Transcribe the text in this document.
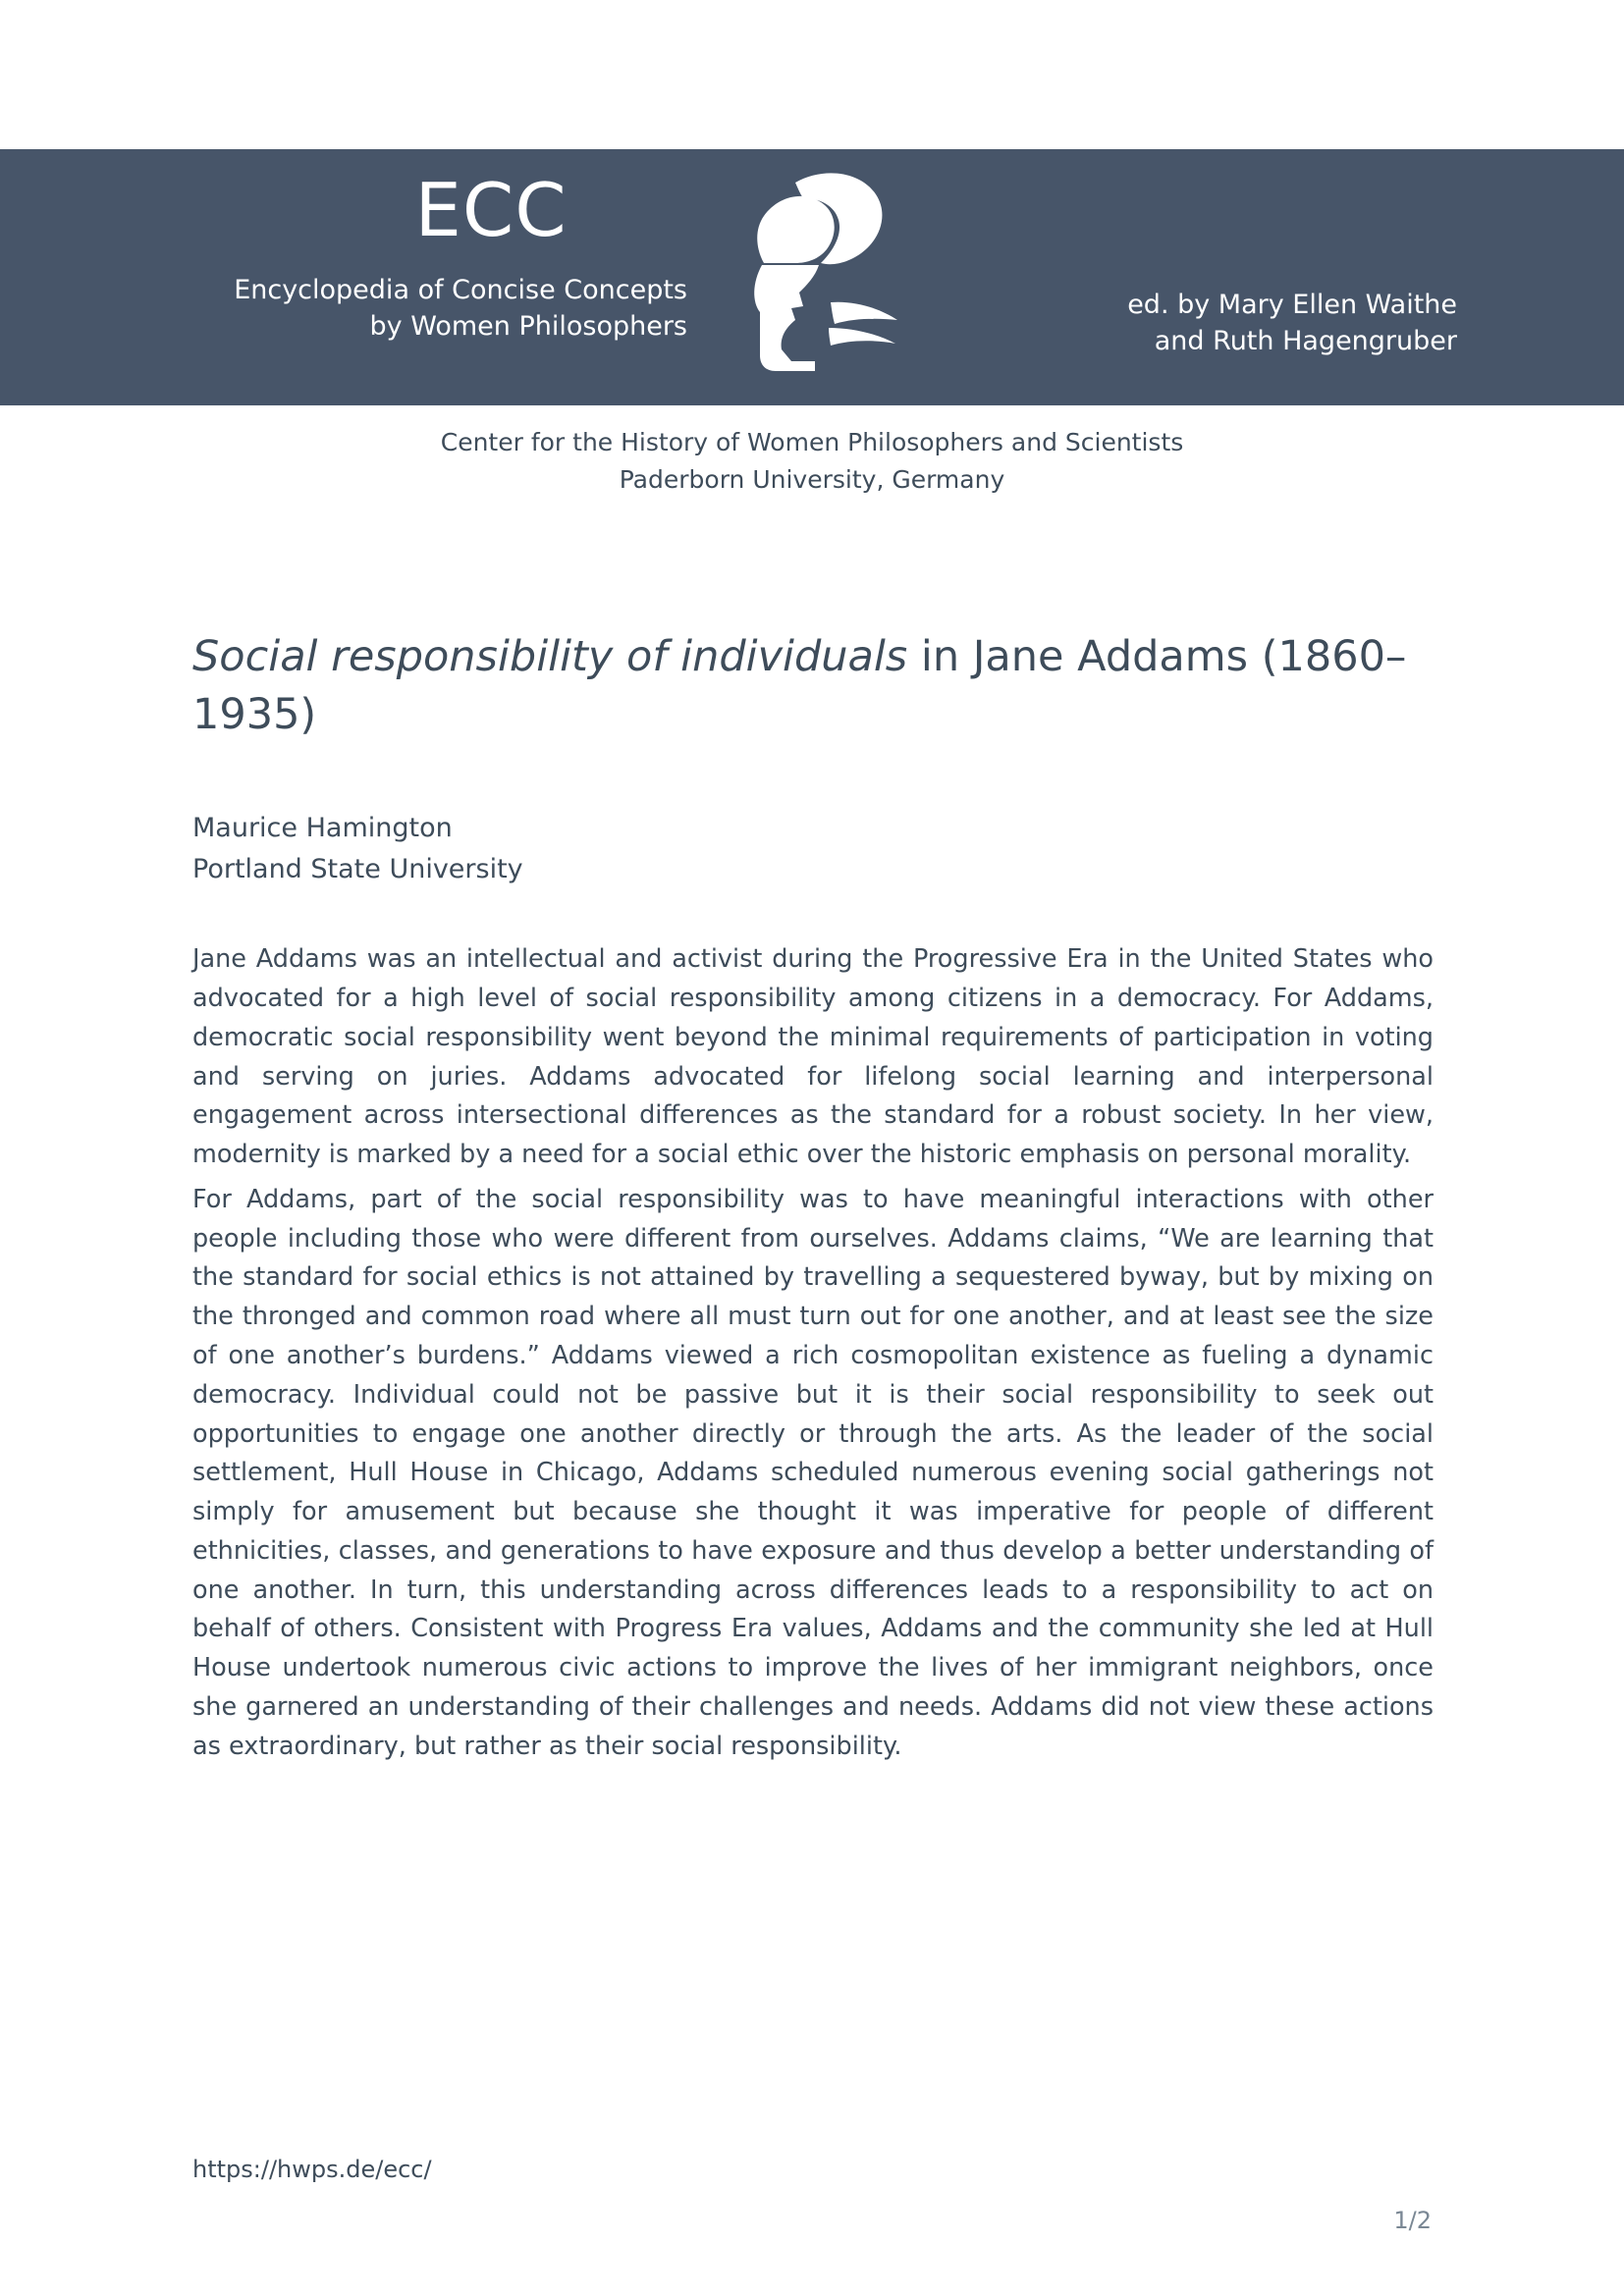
ECC
Encyclopedia of Concise Concepts
by Women Philosophers
ed. by Mary Ellen Waithe
and Ruth Hagengruber
Center for the History of Women Philosophers and Scientists
Paderborn University, Germany
Social responsibility of individuals in Jane Addams (1860–1935)
Maurice Hamington
Portland State University

Jane Addams was an intellectual and activist during the Progressive Era in the United States who advocated for a high level of social responsibility among citizens in a democracy. For Addams, democratic social responsibility went beyond the minimal requirements of participation in voting and serving on juries. Addams advocated for lifelong social learning and interpersonal engagement across intersectional differences as the standard for a robust society. In her view, modernity is marked by a need for a social ethic over the historic emphasis on personal morality.

For Addams, part of the social responsibility was to have meaningful interactions with other people including those who were different from ourselves. Addams claims, “We are learning that the standard for social ethics is not attained by travelling a sequestered byway, but by mixing on the thronged and common road where all must turn out for one another, and at least see the size of one another’s burdens.” Addams viewed a rich cosmopolitan existence as fueling a dynamic democracy. Individual could not be passive but it is their social responsibility to seek out opportunities to engage one another directly or through the arts. As the leader of the social settlement, Hull House in Chicago, Addams scheduled numerous evening social gatherings not simply for amusement but because she thought it was imperative for people of different ethnicities, classes, and generations to have exposure and thus develop a better understanding of one another. In turn, this understanding across differences leads to a responsibility to act on behalf of others. Consistent with Progress Era values, Addams and the community she led at Hull House undertook numerous civic actions to improve the lives of her immigrant neighbors, once she garnered an understanding of their challenges and needs. Addams did not view these actions as extraordinary, but rather as their social responsibility.

https://hwps.de/ecc/
1/2
